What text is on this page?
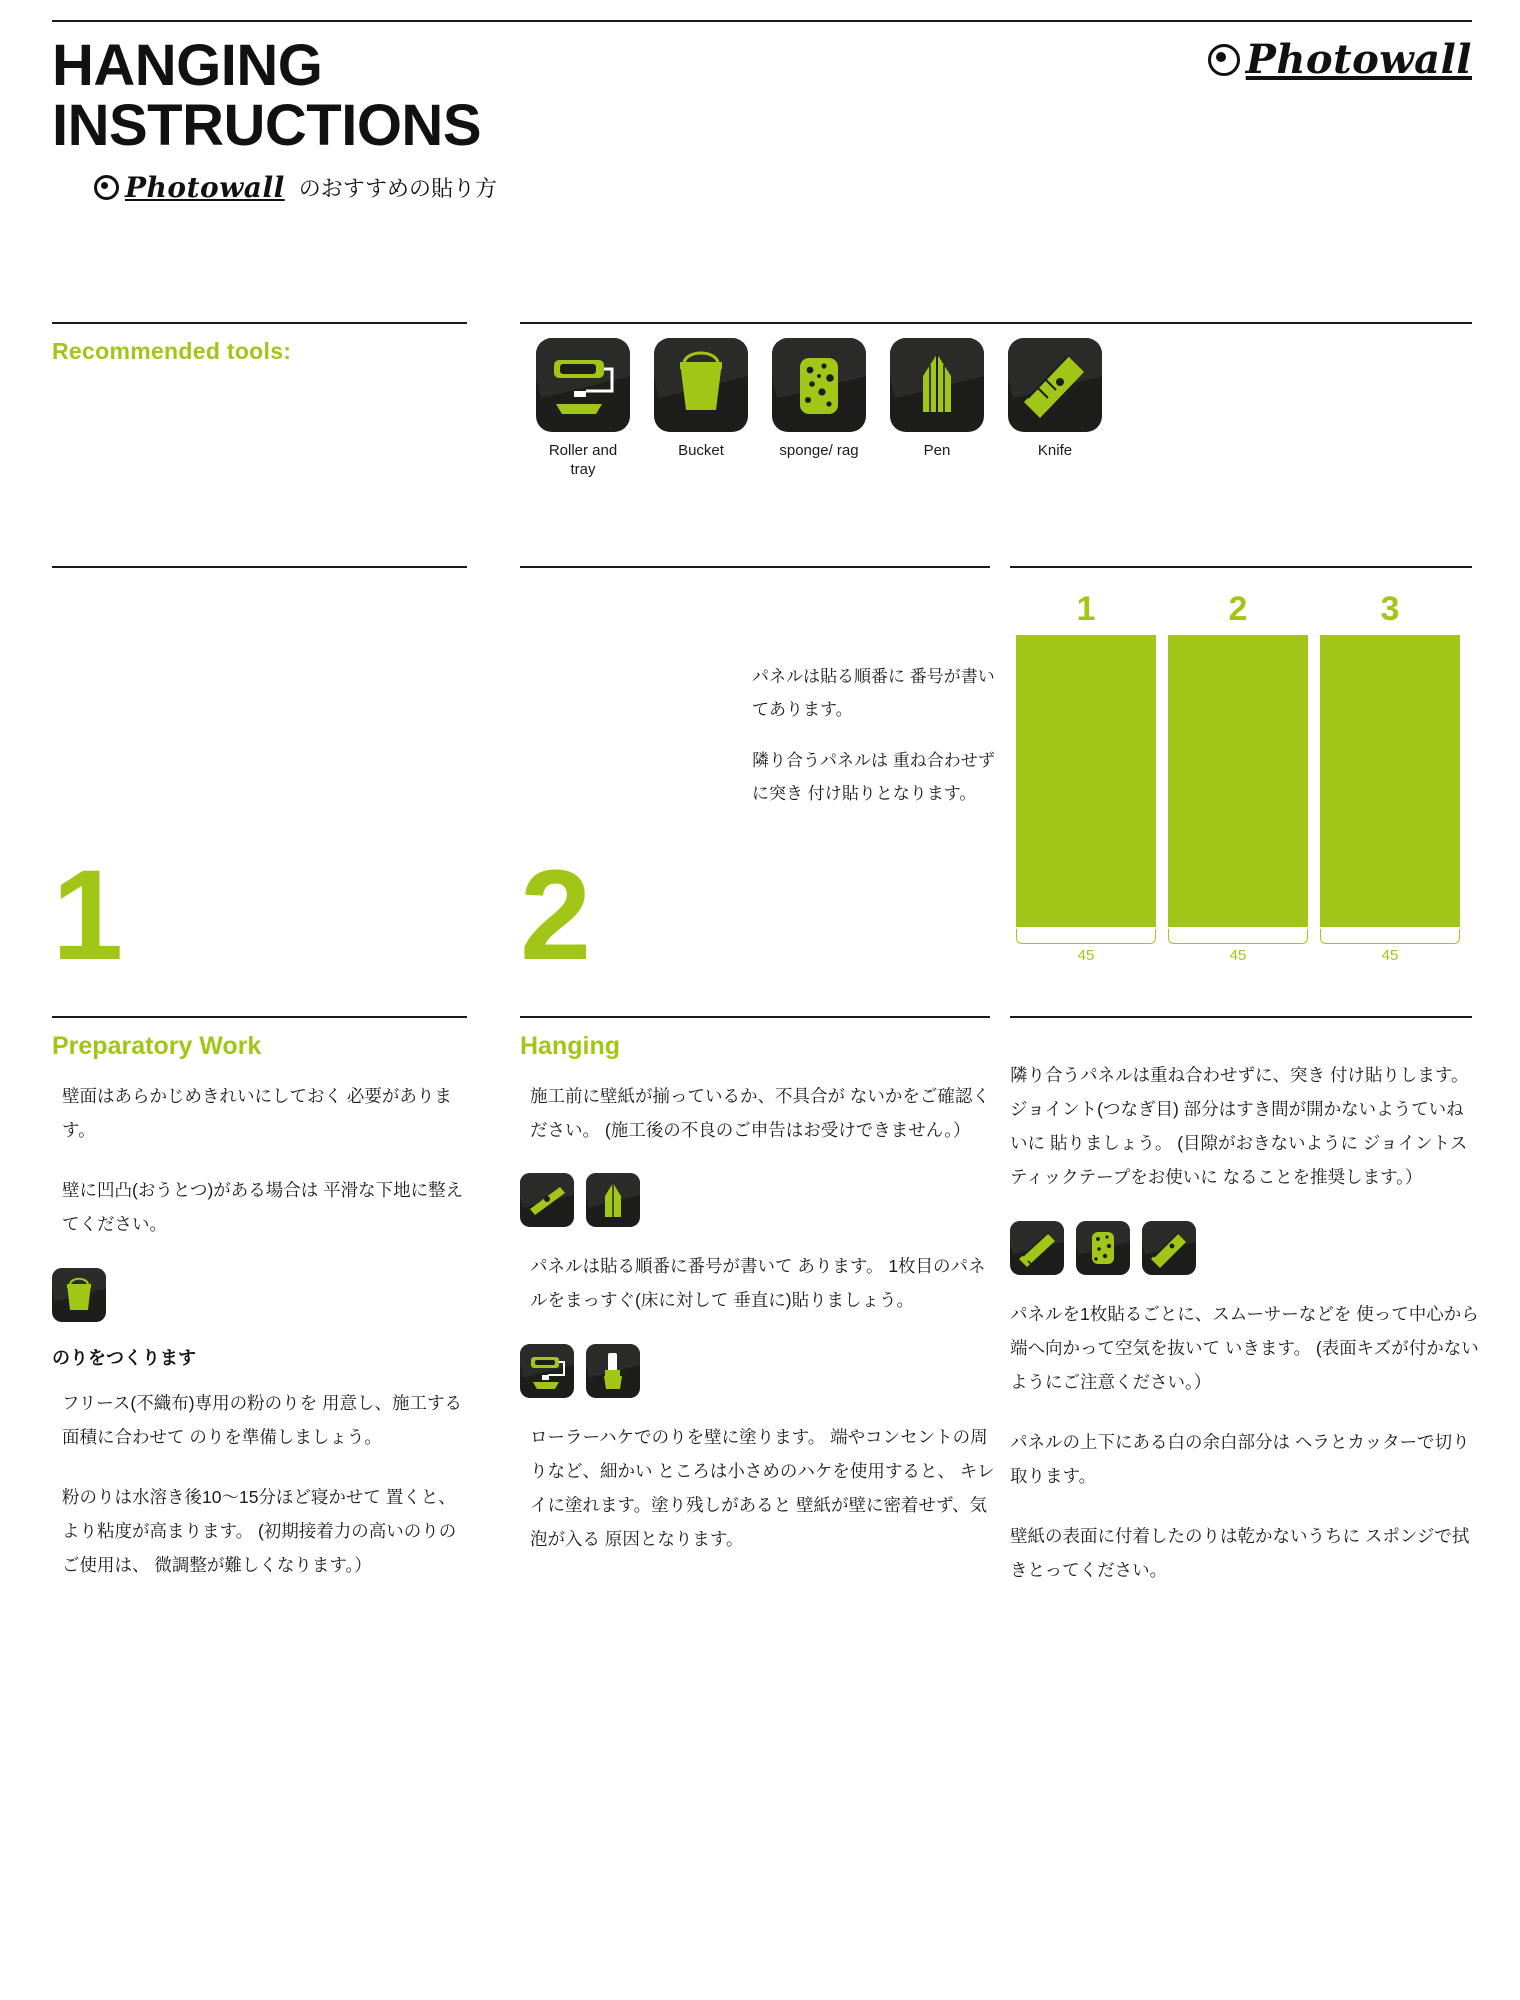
HANGING
INSTRUCTIONS
Photowall のおすすめの貼り方
Photowall
Recommended tools:
Roller and tray
Bucket	sponge/ rag	Pen	Knife
1	2

パネルは貼る順番に 番号が書いてあります。

隣り合うパネルは 重ね合わせずに突き 付け貼りとなります。

1	2	3
45	45	45
Preparatory Work

壁面はあらかじめきれいにしておく 必要があります。

壁に凹凸(おうとつ)がある場合は 平滑な下地に整えてください。

のりをつくります

フリース(不織布)専用の粉のりを 用意し、施工する面積に合わせて のりを準備しましょう。

粉のりは水溶き後10〜15分ほど寝かせて 置くと、より粘度が高まります。 (初期接着力の高いのりのご使用は、 微調整が難しくなります。）

Hanging

施工前に壁紙が揃っているか、不具合が ないかをご確認ください。 (施工後の不良のご申告はお受けできません。）

パネルは貼る順番に番号が書いて あります。 1枚目のパネルをまっすぐ(床に対して 垂直に)貼りましょう。

ローラーハケでのりを壁に塗ります。 端やコンセントの周りなど、細かい ところは小さめのハケを使用すると、 キレイに塗れます。塗り残しがあると 壁紙が壁に密着せず、気泡が入る 原因となります。

隣り合うパネルは重ね合わせずに、突き 付け貼りします。ジョイント(つなぎ目) 部分はすき間が開かないようていねいに 貼りましょう。 (目隙がおきないように ジョイントスティックテープをお使いに なることを推奨します。）

パネルを1枚貼るごとに、スムーサーなどを 使って中心から端へ向かって空気を抜いて いきます。 (表面キズが付かないようにご注意ください。）

パネルの上下にある白の余白部分は ヘラとカッターで切り取ります。

壁紙の表面に付着したのりは乾かないうちに スポンジで拭きとってください。
